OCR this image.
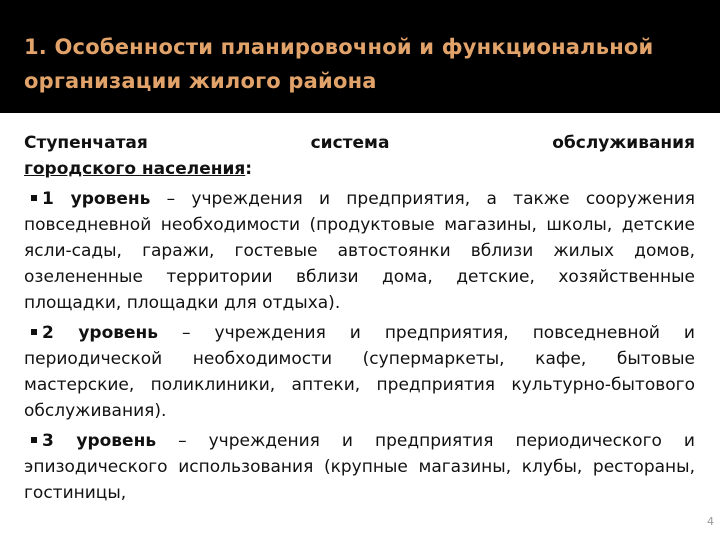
1. Особенности планировочной и функциональной организации жилого района

Ступенчатая система обслуживания

городского населения:

1 уровень – учреждения и предприятия, а также сооружения повседневной необходимости (продуктовые магазины, школы, детские ясли-сады, гаражи, гостевые автостоянки вблизи жилых домов, озелененные территории вблизи дома, детские, хозяйственные площадки, площадки для отдыха).

2 уровень – учреждения и предприятия, повседневной и периодической необходимости (супермаркеты, кафе, бытовые мастерские, поликлиники, аптеки, предприятия культурно-бытового обслуживания).

3 уровень – учреждения и предприятия периодического и эпизодического использования (крупные магазины, клубы, рестораны, гостиницы,

4
